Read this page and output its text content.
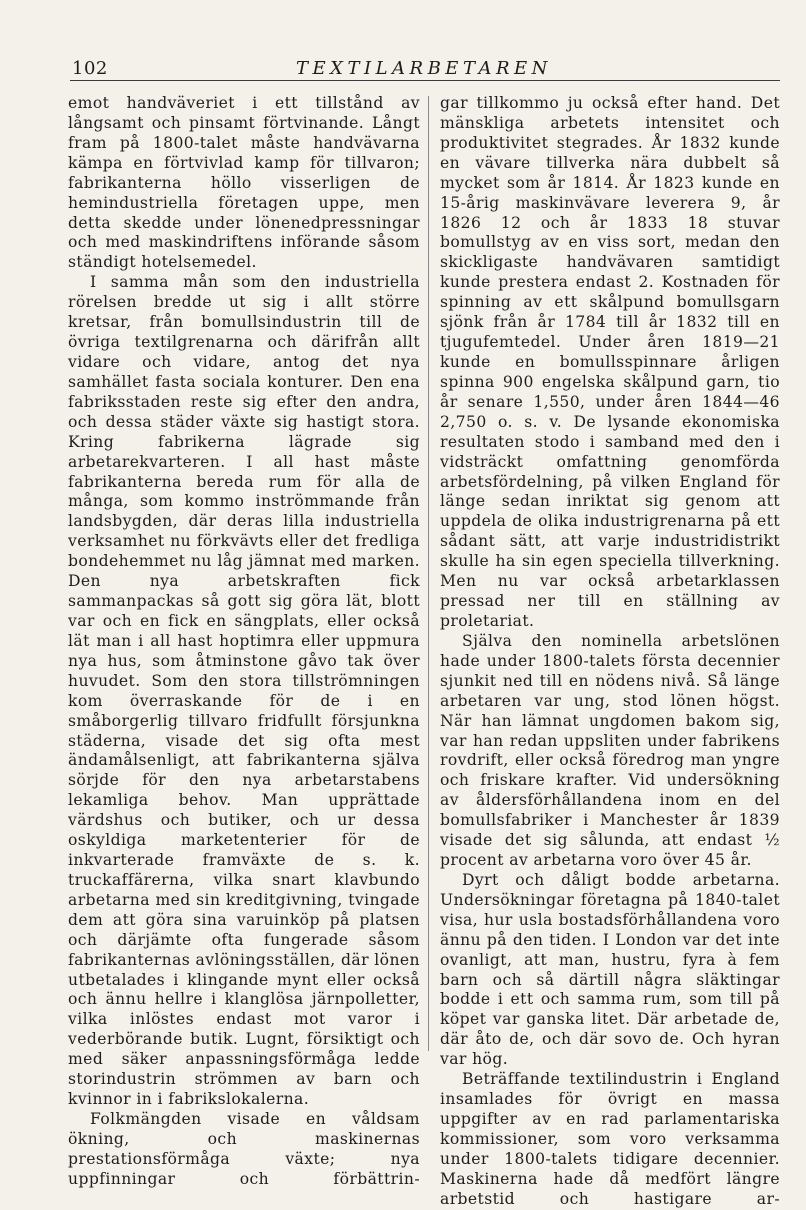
102	TEXTILARBETAREN

emot handväveriet i ett tillstånd av långsamt och pinsamt förtvinande. Långt fram på 1800-talet måste handvävarna kämpa en förtvivlad kamp för tillvaron; fabrikanterna höllo visserligen de hemindustriella företagen uppe, men detta skedde under lönenedpressningar och med maskindriftens införande såsom ständigt hotelsemedel.

I samma mån som den industriella rörelsen bredde ut sig i allt större kretsar, från bomullsindustrin till de övriga textilgrenarna och därifrån allt vidare och vidare, antog det nya samhället fasta sociala konturer. Den ena fabriksstaden reste sig efter den andra, och dessa städer växte sig hastigt stora. Kring fabrikerna lägrade sig arbetarekvarteren. I all hast måste fabrikanterna bereda rum för alla de många, som kommo inströmmande från landsbygden, där deras lilla industriella verksamhet nu förkvävts eller det fredliga bondehemmet nu låg jämnat med marken. Den nya arbetskraften fick sammanpackas så gott sig göra lät, blott var och en fick en sängplats, eller också lät man i all hast hoptimra eller uppmura nya hus, som åtminstone gåvo tak över huvudet. Som den stora tillströmningen kom överraskande för de i en småborgerlig tillvaro fridfullt försjunkna städerna, visade det sig ofta mest ändamålsenligt, att fabrikanterna själva sörjde för den nya arbetarstabens lekamliga behov. Man upprättade värdshus och butiker, och ur dessa oskyldiga marketenterier för de inkvarterade framväxte de s. k. truckaffärerna, vilka snart klavbundo arbetarna med sin kreditgivning, tvingade dem att göra sina varuinköp på platsen och därjämte ofta fungerade såsom fabrikanternas avlöningsställen, där lönen utbetalades i klingande mynt eller också och ännu hellre i klanglösa järnpolletter, vilka inlöstes endast mot varor i vederbörande butik. Lugnt, försiktigt och med säker anpassningsförmåga ledde storindustrin strömmen av barn och kvinnor in i fabrikslokalerna.

Folkmängden visade en våldsam ökning, och maskinernas prestationsförmåga växte; nya uppfinningar och förbättrin-

gar tillkommo ju också efter hand. Det mänskliga arbetets intensitet och produktivitet stegrades. År 1832 kunde en vävare tillverka nära dubbelt så mycket som år 1814. År 1823 kunde en 15-årig maskinvävare leverera 9, år 1826 12 och år 1833 18 stuvar bomullstyg av en viss sort, medan den skickligaste handvävaren samtidigt kunde prestera endast 2. Kostnaden för spinning av ett skålpund bomullsgarn sjönk från år 1784 till år 1832 till en tjugufemtedel. Under åren 1819—21 kunde en bomullsspinnare årligen spinna 900 engelska skålpund garn, tio år senare 1,550, under åren 1844—46 2,750 o. s. v. De lysande ekonomiska resultaten stodo i samband med den i vidsträckt omfattning genomförda arbetsfördelning, på vilken England för länge sedan inriktat sig genom att uppdela de olika industrigrenarna på ett sådant sätt, att varje industridistrikt skulle ha sin egen speciella tillverkning. Men nu var också arbetarklassen pressad ner till en ställning av proletariat.

Själva den nominella arbetslönen hade under 1800-talets första decennier sjunkit ned till en nödens nivå. Så länge arbetaren var ung, stod lönen högst. När han lämnat ungdomen bakom sig, var han redan uppsliten under fabrikens rovdrift, eller också föredrog man yngre och friskare krafter. Vid undersökning av åldersförhållandena inom en del bomullsfabriker i Manchester år 1839 visade det sig sålunda, att endast ½ procent av arbetarna voro över 45 år.

Dyrt och dåligt bodde arbetarna. Undersökningar företagna på 1840-talet visa, hur usla bostadsförhållandena voro ännu på den tiden. I London var det inte ovanligt, att man, hustru, fyra à fem barn och så därtill några släktingar bodde i ett och samma rum, som till på köpet var ganska litet. Där arbetade de, där åto de, och där sovo de. Och hyran var hög.

Beträffande textilindustrin i England insamlades för övrigt en massa uppgifter av en rad parlamentariska kommissioner, som voro verksamma under 1800-talets tidigare decennier. Maskinerna hade då medfört längre arbetstid och hastigare ar-
